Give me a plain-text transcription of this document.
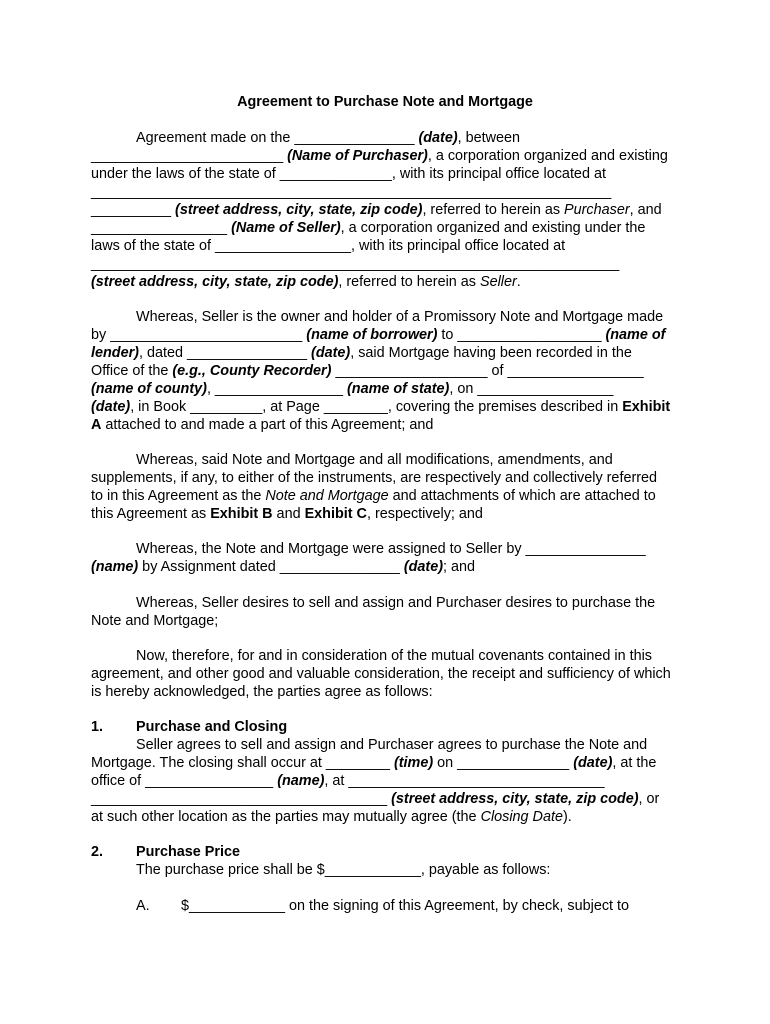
Agreement to Purchase Note and Mortgage
Agreement made on the _______________ (date), between
________________________ (Name of Purchaser), a corporation organized and existing
under the laws of the state of ______________, with its principal office located at
_________________________________________________________________
__________ (street address, city, state, zip code), referred to herein as Purchaser, and
_________________ (Name of Seller), a corporation organized and existing under the
laws of the state of _________________, with its principal office located at
__________________________________________________________________
(street address, city, state, zip code), referred to herein as Seller.
Whereas, Seller is the owner and holder of a Promissory Note and Mortgage made
by ________________________ (name of borrower) to __________________ (name of
lender), dated _______________ (date), said Mortgage having been recorded in the
Office of the (e.g., County Recorder) ___________________ of _________________
(name of county), ________________ (name of state), on _________________
(date), in Book _________, at Page ________, covering the premises described in Exhibit
A attached to and made a part of this Agreement; and
Whereas, said Note and Mortgage and all modifications, amendments, and
supplements, if any, to either of the instruments, are respectively and collectively referred
to in this Agreement as the Note and Mortgage and attachments of which are attached to
this Agreement as Exhibit B and Exhibit C, respectively; and
Whereas, the Note and Mortgage were assigned to Seller by _______________
(name) by Assignment dated _______________ (date); and
Whereas, Seller desires to sell and assign and Purchaser desires to purchase the
Note and Mortgage;
Now, therefore, for and in consideration of the mutual covenants contained in this
agreement, and other good and valuable consideration, the receipt and sufficiency of which
is hereby acknowledged, the parties agree as follows:
1. Purchase and Closing
Seller agrees to sell and assign and Purchaser agrees to purchase the Note and
Mortgage. The closing shall occur at ________ (time) on ______________ (date), at the
office of ________________ (name), at ________________________________
_____________________________________ (street address, city, state, zip code), or
at such other location as the parties may mutually agree (the Closing Date).
2. Purchase Price
The purchase price shall be $____________, payable as follows:
A. $____________ on the signing of this Agreement, by check, subject to
